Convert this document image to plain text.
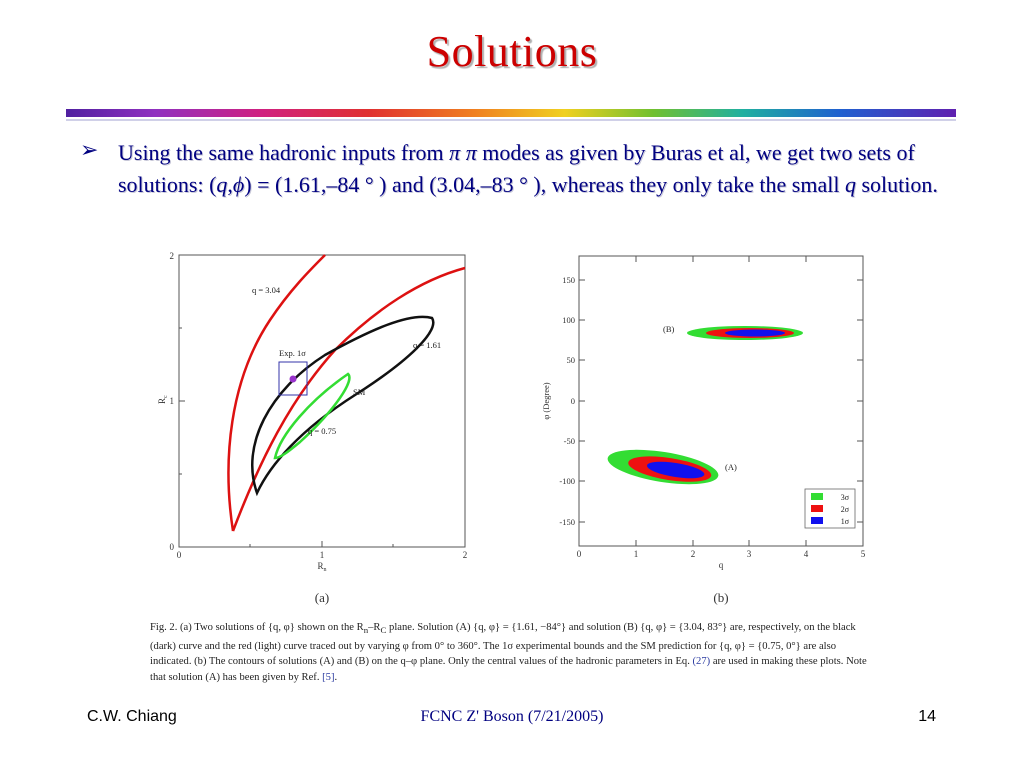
Solutions
➢ Using the same hadronic inputs from π π modes as given by Buras et al, we get two sets of solutions: (q,ϕ) = (1.61,–84 ° ) and (3.04,–83 ° ), whereas they only take the small q solution.
0	1	2
0
1
2
$R_n$
$R_c$
q = 3.04
Exp. 1σ
q = 1.61
SM
q = 0.75
(a)
0	1	2	3	4	5
150
100
50
0
-50
-100
-150
q
φ (Degree)
(B)
(A)
3σ
2σ
1σ
(b)
Fig. 2. (a) Two solutions of {q, φ} shown on the $R_n-R_C$ plane. Solution (A) {q, φ} = {1.61, −84°} and solution (B) {q, φ} = {3.04, 83°} are, respectively, on the black (dark) curve and the red (light) curve traced out by varying φ from 0° to 360°. The 1σ experimental bounds and the SM prediction for {q, φ} = {0.75, 0°} are also indicated. (b) The contours of solutions (A) and (B) on the q–φ plane. Only the central values of the hadronic parameters in Eq. (27) are used in making these plots. Note that solution (A) has been given by Ref. [5].
C.W. Chiang	FCNC Z' Boson (7/21/2005)	14
